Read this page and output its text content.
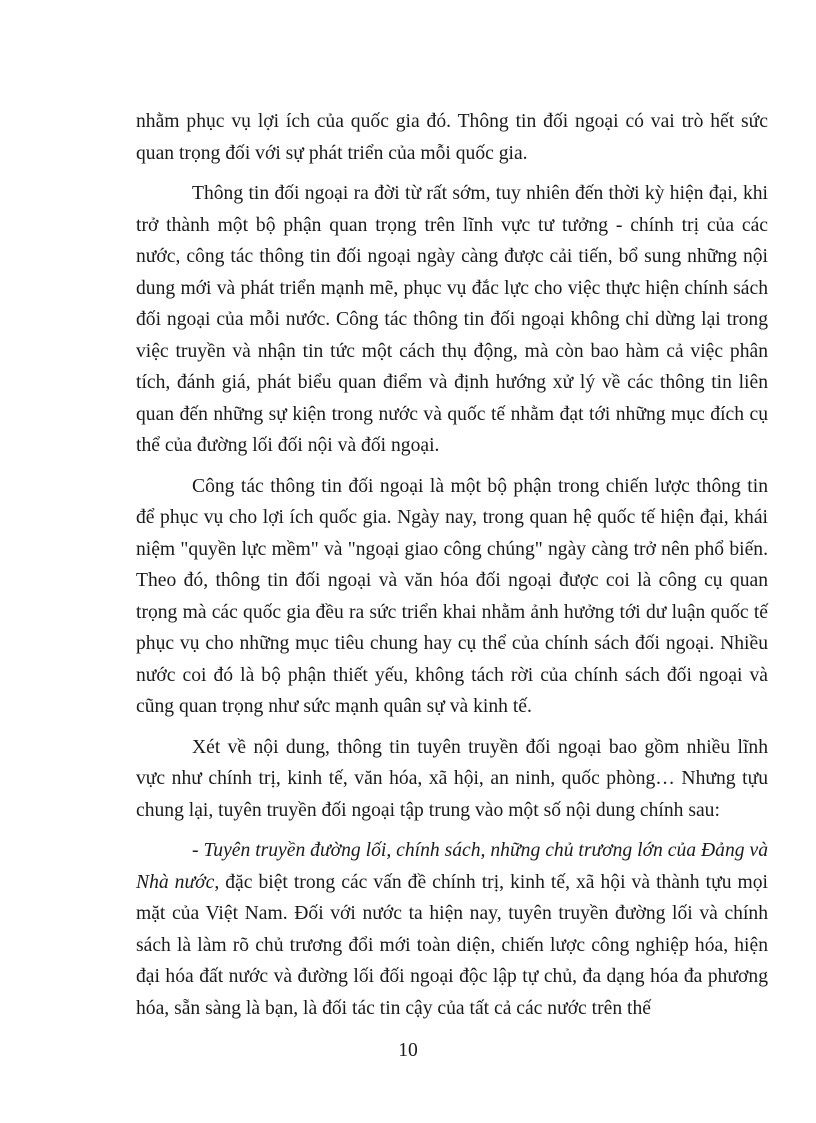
nhằm phục vụ lợi ích của quốc gia đó. Thông tin đối ngoại có vai trò hết sức quan trọng đối với sự phát triển của mỗi quốc gia.

Thông tin đối ngoại ra đời từ rất sớm, tuy nhiên đến thời kỳ hiện đại, khi trở thành một bộ phận quan trọng trên lĩnh vực tư tưởng - chính trị của các nước, công tác thông tin đối ngoại ngày càng được cải tiến, bổ sung những nội dung mới và phát triển mạnh mẽ, phục vụ đắc lực cho việc thực hiện chính sách đối ngoại của mỗi nước. Công tác thông tin đối ngoại không chỉ dừng lại trong việc truyền và nhận tin tức một cách thụ động, mà còn bao hàm cả việc phân tích, đánh giá, phát biểu quan điểm và định hướng xử lý về các thông tin liên quan đến những sự kiện trong nước và quốc tế nhằm đạt tới những mục đích cụ thể của đường lối đối nội và đối ngoại.

Công tác thông tin đối ngoại là một bộ phận trong chiến lược thông tin để phục vụ cho lợi ích quốc gia. Ngày nay, trong quan hệ quốc tế hiện đại, khái niệm "quyền lực mềm" và "ngoại giao công chúng" ngày càng trở nên phổ biến. Theo đó, thông tin đối ngoại và văn hóa đối ngoại được coi là công cụ quan trọng mà các quốc gia đều ra sức triển khai nhằm ảnh hưởng tới dư luận quốc tế phục vụ cho những mục tiêu chung hay cụ thể của chính sách đối ngoại. Nhiều nước coi đó là bộ phận thiết yếu, không tách rời của chính sách đối ngoại và cũng quan trọng như sức mạnh quân sự và kinh tế.

Xét về nội dung, thông tin tuyên truyền đối ngoại bao gồm nhiều lĩnh vực như chính trị, kinh tế, văn hóa, xã hội, an ninh, quốc phòng… Nhưng tựu chung lại, tuyên truyền đối ngoại tập trung vào một số nội dung chính sau:

- Tuyên truyền đường lối, chính sách, những chủ trương lớn của Đảng và Nhà nước, đặc biệt trong các vấn đề chính trị, kinh tế, xã hội và thành tựu mọi mặt của Việt Nam. Đối với nước ta hiện nay, tuyên truyền đường lối và chính sách là làm rõ chủ trương đổi mới toàn diện, chiến lược công nghiệp hóa, hiện đại hóa đất nước và đường lối đối ngoại độc lập tự chủ, đa dạng hóa đa phương hóa, sẵn sàng là bạn, là đối tác tin cậy của tất cả các nước trên thế

10
